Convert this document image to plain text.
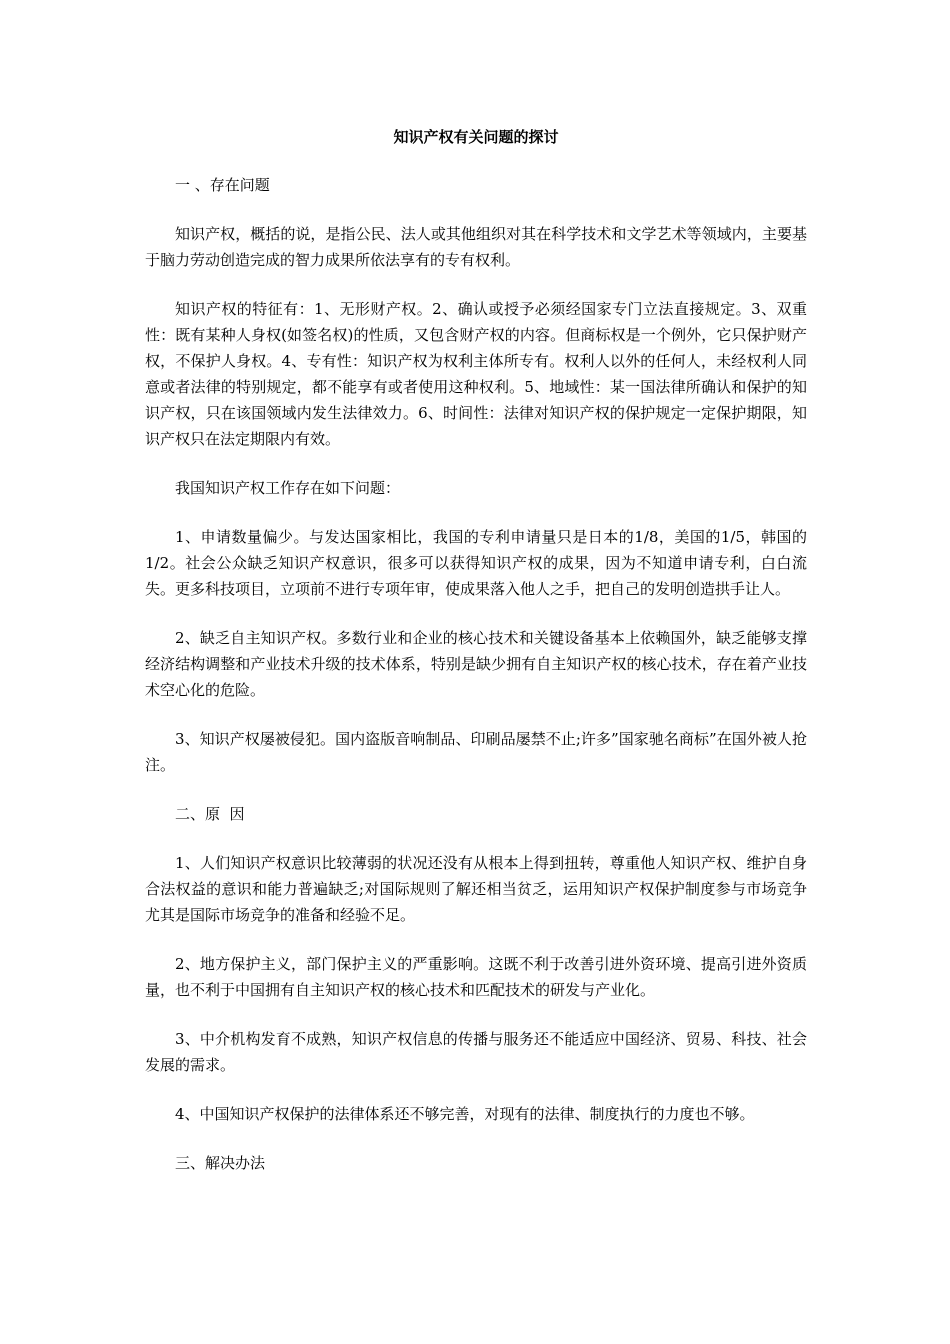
知识产权有关问题的探讨
一 、存在问题
知识产权，概括的说，是指公民、法人或其他组织对其在科学技术和文学艺术等领域内，主要基于脑力劳动创造完成的智力成果所依法享有的专有权利。
知识产权的特征有：1、无形财产权。2、确认或授予必须经国家专门立法直接规定。3、双重性：既有某种人身权(如签名权)的性质，又包含财产权的内容。但商标权是一个例外，它只保护财产权，不保护人身权。4、专有性：知识产权为权利主体所专有。权利人以外的任何人，未经权利人同意或者法律的特别规定，都不能享有或者使用这种权利。5、地域性：某一国法律所确认和保护的知识产权，只在该国领域内发生法律效力。6、时间性：法律对知识产权的保护规定一定保护期限，知识产权只在法定期限内有效。
我国知识产权工作存在如下问题：
1、申请数量偏少。与发达国家相比，我国的专利申请量只是日本的1/8，美国的1/5，韩国的1/2。社会公众缺乏知识产权意识，很多可以获得知识产权的成果，因为不知道申请专利，白白流失。更多科技项目，立项前不进行专项年审，使成果落入他人之手，把自己的发明创造拱手让人。
2、缺乏自主知识产权。多数行业和企业的核心技术和关键设备基本上依赖国外，缺乏能够支撑经济结构调整和产业技术升级的技术体系，特别是缺少拥有自主知识产权的核心技术，存在着产业技术空心化的危险。
3、知识产权屡被侵犯。国内盗版音响制品、印刷品屡禁不止;许多”国家驰名商标”在国外被人抢注。
二、原  因
1、人们知识产权意识比较薄弱的状况还没有从根本上得到扭转，尊重他人知识产权、维护自身合法权益的意识和能力普遍缺乏;对国际规则了解还相当贫乏，运用知识产权保护制度参与市场竞争尤其是国际市场竞争的准备和经验不足。
2、地方保护主义，部门保护主义的严重影响。这既不利于改善引进外资环境、提高引进外资质量，也不利于中国拥有自主知识产权的核心技术和匹配技术的研发与产业化。
3、中介机构发育不成熟，知识产权信息的传播与服务还不能适应中国经济、贸易、科技、社会发展的需求。
4、中国知识产权保护的法律体系还不够完善，对现有的法律、制度执行的力度也不够。
三、解决办法
